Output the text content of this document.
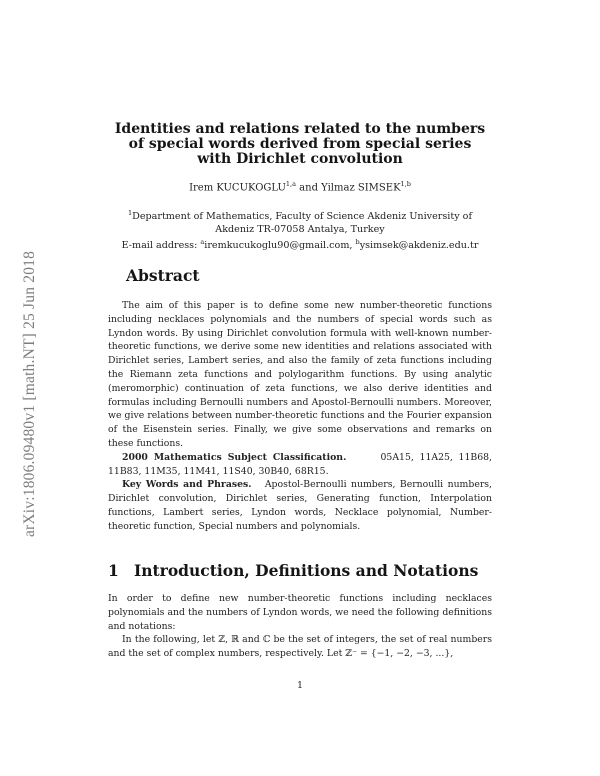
arXiv:1806.09480v1 [math.NT] 25 Jun 2018
Identities and relations related to the numbers
of special words derived from special series
with Dirichlet convolution
Irem KUCUKOGLU$^{1,a}$ and Yilmaz SIMSEK$^{1,b}$
$^1$Department of Mathematics, Faculty of Science Akdeniz University of
Akdeniz TR-07058 Antalya, Turkey
E-mail address: $^a$iremkucukoglu90@gmail.com, $^b$ysimsek@akdeniz.edu.tr
Abstract

The aim of this paper is to define some new number-theoretic functions including necklaces polynomials and the numbers of special words such as Lyndon words. By using Dirichlet convolution formula with well-known number-theoretic functions, we derive some new identities and relations associated with Dirichlet series, Lambert series, and also the family of zeta functions including the Riemann zeta functions and polylogarithm functions. By using analytic (meromorphic) continuation of zeta functions, we also derive identities and formulas including Bernoulli numbers and Apostol-Bernoulli numbers. Moreover, we give relations between number-theoretic functions and the Fourier expansion of the Eisenstein series. Finally, we give some observations and remarks on these functions.

2000 Mathematics Subject Classification.	05A15, 11A25, 11B68, 11B83, 11M35, 11M41, 11S40, 30B40, 68R15.

Key Words and Phrases. Apostol-Bernoulli numbers, Bernoulli numbers, Dirichlet convolution, Dirichlet series, Generating function, Interpolation functions, Lambert series, Lyndon words, Necklace polynomial, Number-theoretic function, Special numbers and polynomials.

1 Introduction, Definitions and Notations

In order to define new number-theoretic functions including necklaces polynomials and the numbers of Lyndon words, we need the following definitions and notations:

In the following, let ℤ, ℝ and ℂ be the set of integers, the set of real numbers and the set of complex numbers, respectively. Let ℤ⁻ = {−1, −2, −3, ...},

1
